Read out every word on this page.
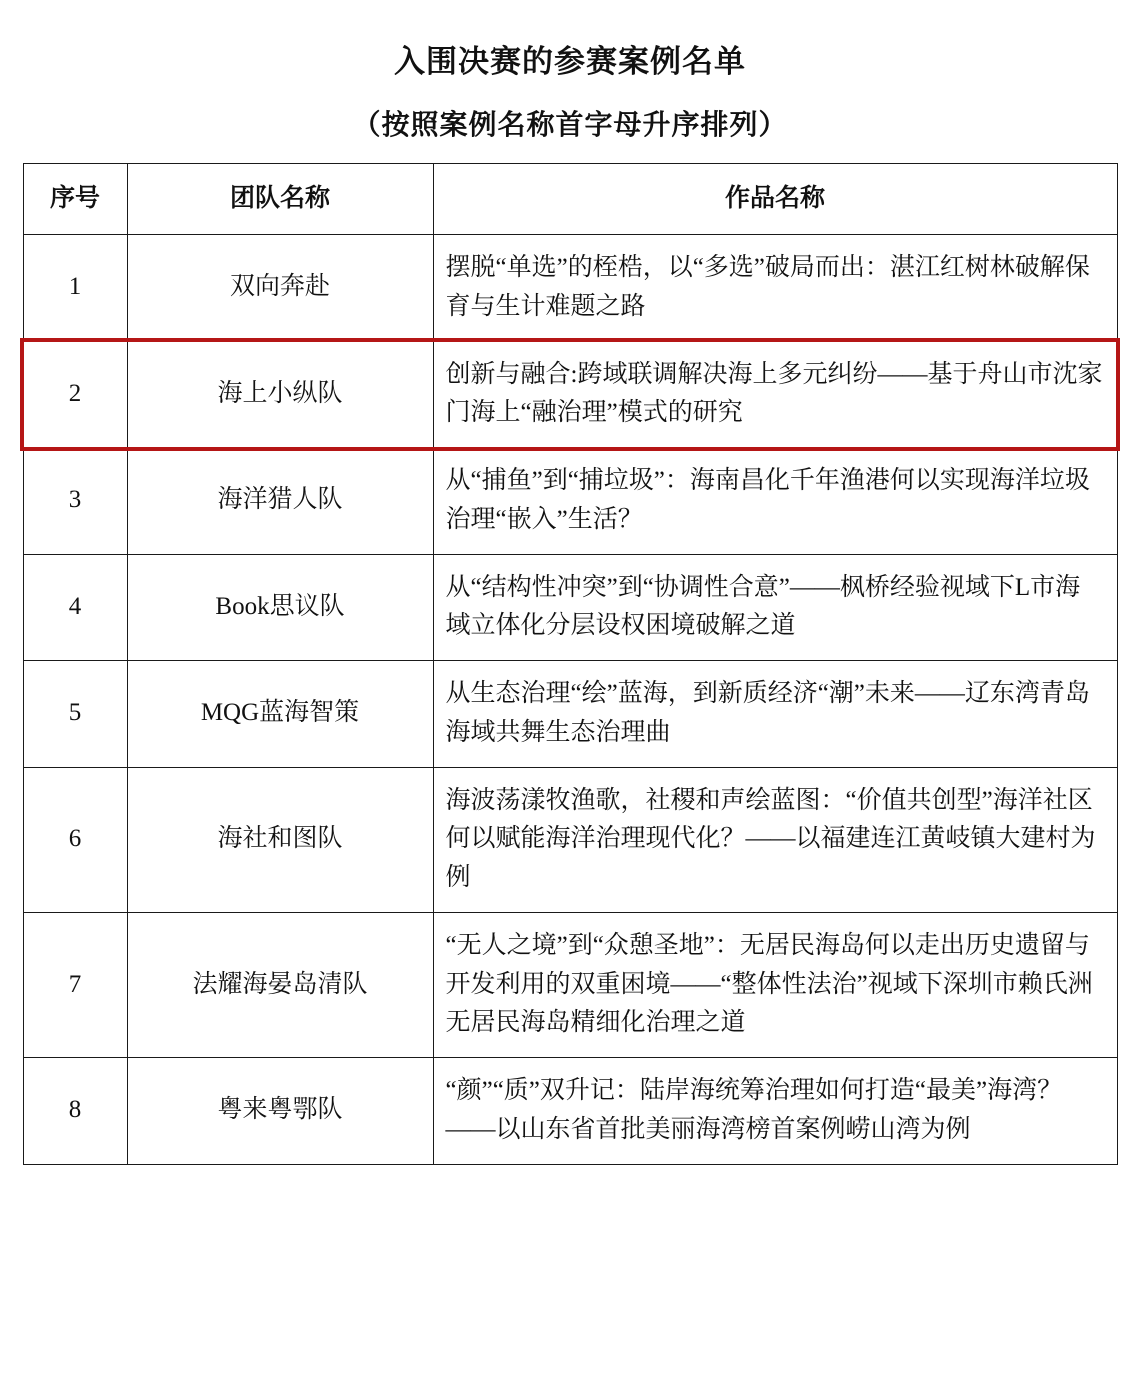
入围决赛的参赛案例名单
（按照案例名称首字母升序排列）
序号	团队名称	作品名称
1	双向奔赴	摆脱“单选”的桎梏，以“多选”破局而出：湛江红树林破解保育与生计难题之路
2	海上小纵队	创新与融合:跨域联调解决海上多元纠纷——基于舟山市沈家门海上“融治理”模式的研究
3	海洋猎人队	从“捕鱼”到“捕垃圾”：海南昌化千年渔港何以实现海洋垃圾治理“嵌入”生活？
4	Book思议队	从“结构性冲突”到“协调性合意”——枫桥经验视域下L市海域立体化分层设权困境破解之道
5	MQG蓝海智策	从生态治理“绘”蓝海，到新质经济“潮”未来——辽东湾青岛海域共舞生态治理曲
6	海社和图队	海波荡漾牧渔歌，社稷和声绘蓝图：“价值共创型”海洋社区何以赋能海洋治理现代化？——以福建连江黄岐镇大建村为例
7	法耀海晏岛清队	“无人之境”到“众憩圣地”：无居民海岛何以走出历史遗留与开发利用的双重困境——“整体性法治”视域下深圳市赖氏洲无居民海岛精细化治理之道
8	粤来粤鄂队	“颜”“质”双升记：陆岸海统筹治理如何打造“最美”海湾？——以山东省首批美丽海湾榜首案例崂山湾为例
